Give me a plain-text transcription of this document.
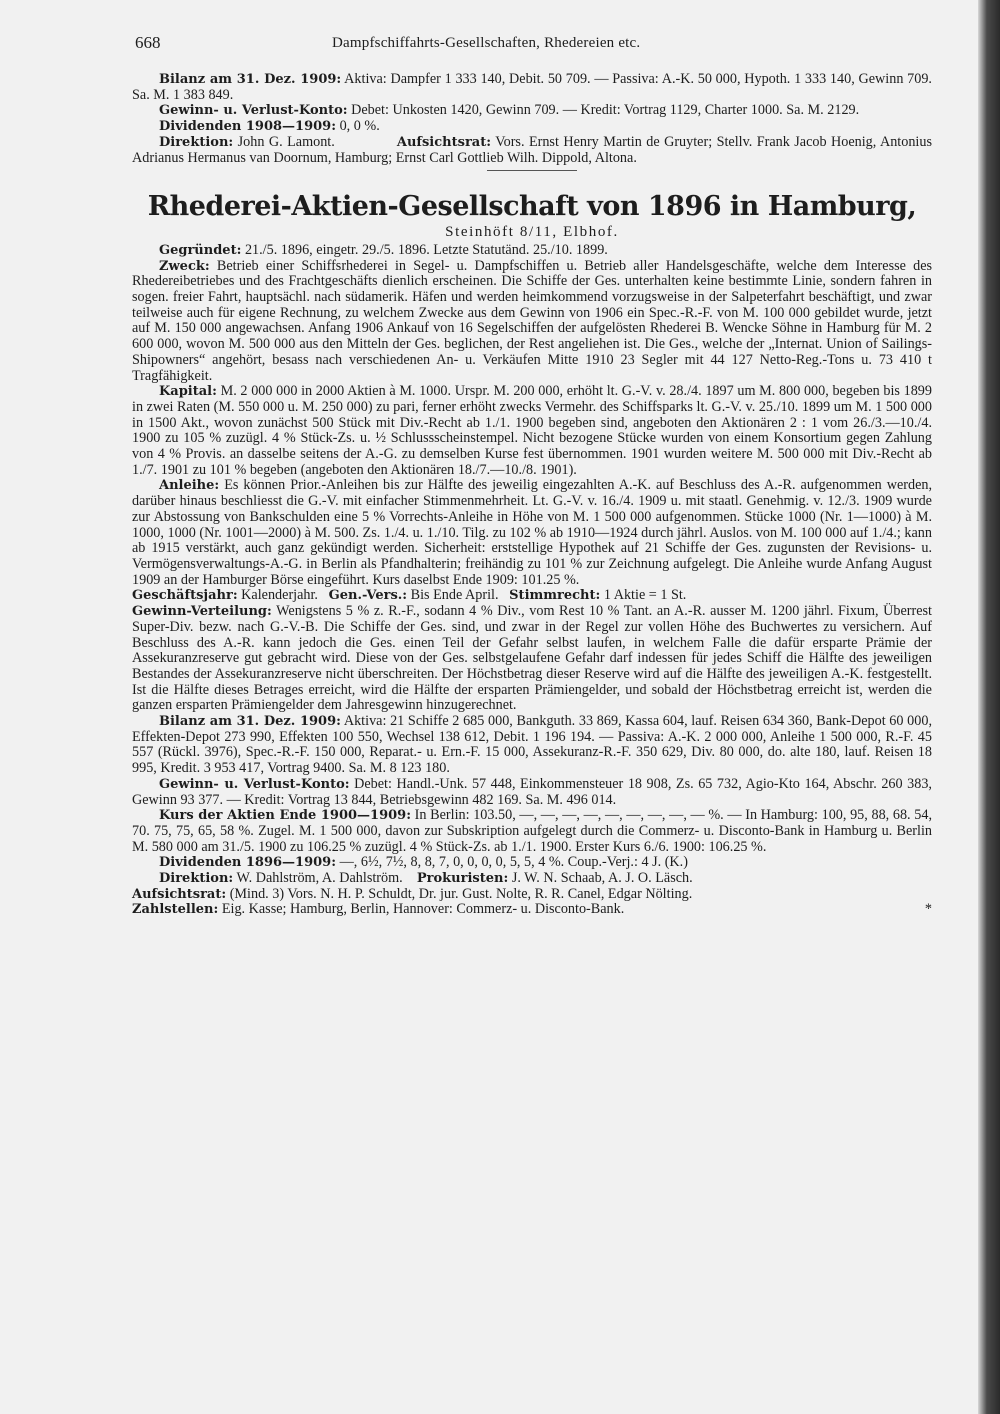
668	Dampfschiffahrts-Gesellschaften, Rhedereien etc.

Bilanz am 31. Dez. 1909: Aktiva: Dampfer 1 333 140, Debit. 50 709. — Passiva: A.-K. 50 000, Hypoth. 1 333 140, Gewinn 709. Sa. M. 1 383 849.

Gewinn- u. Verlust-Konto: Debet: Unkosten 1420, Gewinn 709. — Kredit: Vortrag 1129, Charter 1000. Sa. M. 2129.

Dividenden 1908—1909: 0, 0 %.

Direktion: John G. Lamont.	Aufsichtsrat: Vors. Ernst Henry Martin de Gruyter; Stellv. Frank Jacob Hoenig, Antonius Adrianus Hermanus van Doornum, Hamburg; Ernst Carl Gottlieb Wilh. Dippold, Altona.

Rhederei-Aktien-Gesellschaft von 1896 in Hamburg,
Steinhöft 8/11, Elbhof.

Gegründet: 21./5. 1896, eingetr. 29./5. 1896. Letzte Statutänd. 25./10. 1899.

Zweck: Betrieb einer Schiffsrhederei in Segel- u. Dampfschiffen u. Betrieb aller Handelsgeschäfte, welche dem Interesse des Rhedereibetriebes und des Frachtgeschäfts dienlich erscheinen. Die Schiffe der Ges. unterhalten keine bestimmte Linie, sondern fahren in sogen. freier Fahrt, hauptsächl. nach südamerik. Häfen und werden heimkommend vorzugsweise in der Salpeterfahrt beschäftigt, und zwar teilweise auch für eigene Rechnung, zu welchem Zwecke aus dem Gewinn von 1906 ein Spec.-R.-F. von M. 100 000 gebildet wurde, jetzt auf M. 150 000 angewachsen. Anfang 1906 Ankauf von 16 Segelschiffen der aufgelösten Rhederei B. Wencke Söhne in Hamburg für M. 2 600 000, wovon M. 500 000 aus den Mitteln der Ges. beglichen, der Rest angeliehen ist. Die Ges., welche der „Internat. Union of Sailings-Shipowners“ angehört, besass nach verschiedenen An- u. Verkäufen Mitte 1910 23 Segler mit 44 127 Netto-Reg.-Tons u. 73 410 t Tragfähigkeit.

Kapital: M. 2 000 000 in 2000 Aktien à M. 1000. Urspr. M. 200 000, erhöht lt. G.-V. v. 28./4. 1897 um M. 800 000, begeben bis 1899 in zwei Raten (M. 550 000 u. M. 250 000) zu pari, ferner erhöht zwecks Vermehr. des Schiffsparks lt. G.-V. v. 25./10. 1899 um M. 1 500 000 in 1500 Akt., wovon zunächst 500 Stück mit Div.-Recht ab 1./1. 1900 begeben sind, angeboten den Aktionären 2 : 1 vom 26./3.—10./4. 1900 zu 105 % zuzügl. 4 % Stück-Zs. u. ½ Schlussscheinstempel. Nicht bezogene Stücke wurden von einem Konsortium gegen Zahlung von 4 % Provis. an dasselbe seitens der A.-G. zu demselben Kurse fest übernommen. 1901 wurden weitere M. 500 000 mit Div.-Recht ab 1./7. 1901 zu 101 % begeben (angeboten den Aktionären 18./7.—10./8. 1901).

Anleihe: Es können Prior.-Anleihen bis zur Hälfte des jeweilig eingezahlten A.-K. auf Beschluss des A.-R. aufgenommen werden, darüber hinaus beschliesst die G.-V. mit einfacher Stimmenmehrheit. Lt. G.-V. v. 16./4. 1909 u. mit staatl. Genehmig. v. 12./3. 1909 wurde zur Abstossung von Bankschulden eine 5 % Vorrechts-Anleihe in Höhe von M. 1 500 000 aufgenommen. Stücke 1000 (Nr. 1—1000) à M. 1000, 1000 (Nr. 1001—2000) à M. 500. Zs. 1./4. u. 1./10. Tilg. zu 102 % ab 1910—1924 durch jährl. Auslos. von M. 100 000 auf 1./4.; kann ab 1915 verstärkt, auch ganz gekündigt werden. Sicherheit: erststellige Hypothek auf 21 Schiffe der Ges. zugunsten der Revisions- u. Vermögensverwaltungs-A.-G. in Berlin als Pfandhalterin; freihändig zu 101 % zur Zeichnung aufgelegt. Die Anleihe wurde Anfang August 1909 an der Hamburger Börse eingeführt. Kurs daselbst Ende 1909: 101.25 %.

Geschäftsjahr: Kalenderjahr. Gen.-Vers.: Bis Ende April. Stimmrecht: 1 Aktie = 1 St.

Gewinn-Verteilung: Wenigstens 5 % z. R.-F., sodann 4 % Div., vom Rest 10 % Tant. an A.-R. ausser M. 1200 jährl. Fixum, Überrest Super-Div. bezw. nach G.-V.-B. Die Schiffe der Ges. sind, und zwar in der Regel zur vollen Höhe des Buchwertes zu versichern. Auf Beschluss des A.-R. kann jedoch die Ges. einen Teil der Gefahr selbst laufen, in welchem Falle die dafür ersparte Prämie der Assekuranzreserve gut gebracht wird. Diese von der Ges. selbstgelaufene Gefahr darf indessen für jedes Schiff die Hälfte des jeweiligen Bestandes der Assekuranzreserve nicht überschreiten. Der Höchstbetrag dieser Reserve wird auf die Hälfte des jeweiligen A.-K. festgestellt. Ist die Hälfte dieses Betrages erreicht, wird die Hälfte der ersparten Prämiengelder, und sobald der Höchstbetrag erreicht ist, werden die ganzen ersparten Prämiengelder dem Jahresgewinn hinzugerechnet.

Bilanz am 31. Dez. 1909: Aktiva: 21 Schiffe 2 685 000, Bankguth. 33 869, Kassa 604, lauf. Reisen 634 360, Bank-Depot 60 000, Effekten-Depot 273 990, Effekten 100 550, Wechsel 138 612, Debit. 1 196 194. — Passiva: A.-K. 2 000 000, Anleihe 1 500 000, R.-F. 45 557 (Rückl. 3976), Spec.-R.-F. 150 000, Reparat.- u. Ern.-F. 15 000, Assekuranz-R.-F. 350 629, Div. 80 000, do. alte 180, lauf. Reisen 18 995, Kredit. 3 953 417, Vortrag 9400. Sa. M. 8 123 180.

Gewinn- u. Verlust-Konto: Debet: Handl.-Unk. 57 448, Einkommensteuer 18 908, Zs. 65 732, Agio-Kto 164, Abschr. 260 383, Gewinn 93 377. — Kredit: Vortrag 13 844, Betriebsgewinn 482 169. Sa. M. 496 014.

Kurs der Aktien Ende 1900—1909: In Berlin: 103.50, —, —, —, —, —, —, —, —, — %. — In Hamburg: 100, 95, 88, 68. 54, 70. 75, 75, 65, 58 %. Zugel. M. 1 500 000, davon zur Subskription aufgelegt durch die Commerz- u. Disconto-Bank in Hamburg u. Berlin M. 580 000 am 31./5. 1900 zu 106.25 % zuzügl. 4 % Stück-Zs. ab 1./1. 1900. Erster Kurs 6./6. 1900: 106.25 %.

Dividenden 1896—1909: —, 6½, 7½, 8, 8, 7, 0, 0, 0, 0, 5, 5, 4 %. Coup.-Verj.: 4 J. (K.)

Direktion: W. Dahlström, A. Dahlström. Prokuristen: J. W. N. Schaab, A. J. O. Läsch.

Aufsichtsrat: (Mind. 3) Vors. N. H. P. Schuldt, Dr. jur. Gust. Nolte, R. R. Canel, Edgar Nölting.

Zahlstellen: Eig. Kasse; Hamburg, Berlin, Hannover: Commerz- u. Disconto-Bank.	*
